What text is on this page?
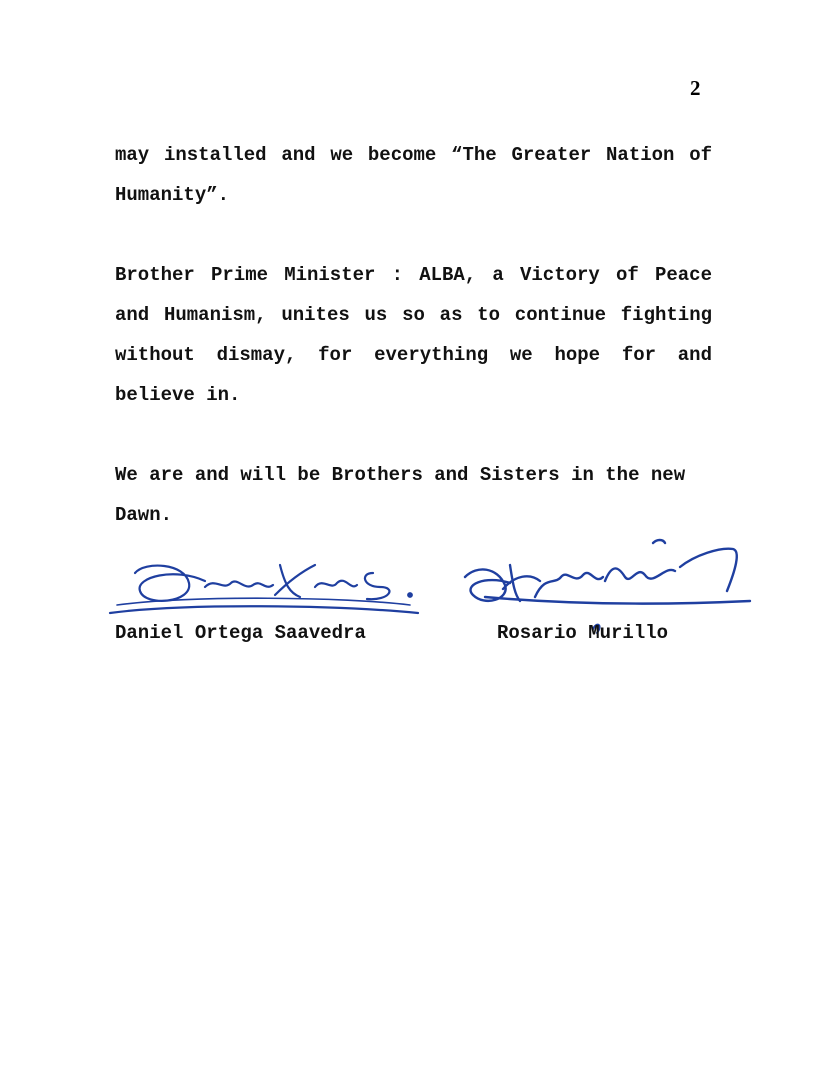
2

may installed and we become “The Greater Nation of Humanity”.

Brother Prime Minister : ALBA, a Victory of Peace and Humanism, unites us so as to continue fighting without dismay, for everything we hope for and believe in.

We are and will be Brothers and Sisters in the new Dawn.

Daniel Ortega Saavedra	Rosario Murillo
